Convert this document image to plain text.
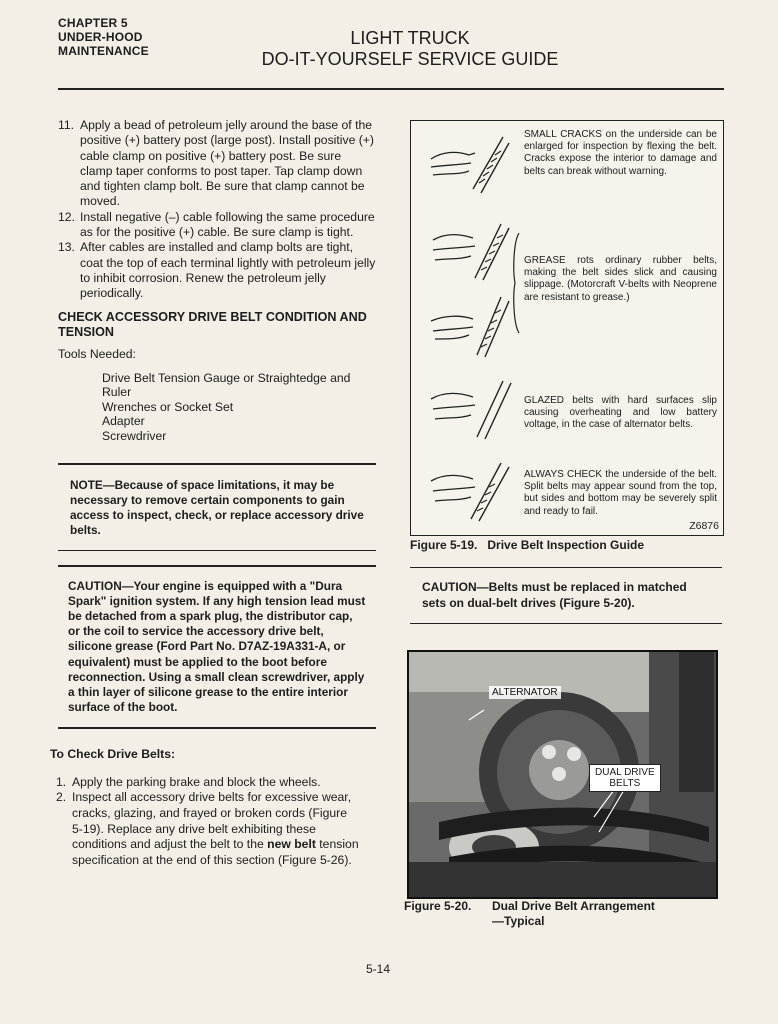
CHAPTER 5
UNDER-HOOD
MAINTENANCE
LIGHT TRUCK
DO-IT-YOURSELF SERVICE GUIDE
11. Apply a bead of petroleum jelly around the base of the positive (+) battery post (large post). Install positive (+) cable clamp on positive (+) battery post. Be sure clamp taper conforms to post taper. Tap clamp down and tighten clamp bolt. Be sure that clamp cannot be moved.
12. Install negative (–) cable following the same procedure as for the positive (+) cable. Be sure clamp is tight.
13. After cables are installed and clamp bolts are tight, coat the top of each terminal lightly with petroleum jelly to inhibit corrosion. Renew the petroleum jelly periodically.
CHECK ACCESSORY DRIVE BELT CONDITION AND TENSION
Tools Needed:
Drive Belt Tension Gauge or Straightedge and Ruler
Wrenches or Socket Set
Adapter
Screwdriver
NOTE—Because of space limitations, it may be necessary to remove certain components to gain access to inspect, check, or replace accessory drive belts.
CAUTION—Your engine is equipped with a "Dura Spark" ignition system. If any high tension lead must be detached from a spark plug, the distributor cap, or the coil to service the accessory drive belt, silicone grease (Ford Part No. D7AZ-19A331-A, or equivalent) must be applied to the boot before reconnection. Using a small clean screwdriver, apply a thin layer of silicone grease to the entire interior surface of the boot.
To Check Drive Belts:
1. Apply the parking brake and block the wheels.
2. Inspect all accessory drive belts for excessive wear, cracks, glazing, and frayed or broken cords (Figure 5-19). Replace any drive belt exhibiting these conditions and adjust the belt to the new belt tension specification at the end of this section (Figure 5-26).
SMALL CRACKS on the underside can be enlarged for inspection by flexing the belt. Cracks expose the interior to damage and belts can break without warning.
GREASE rots ordinary rubber belts, making the belt sides slick and causing slippage. (Motorcraft V-belts with Neoprene are resistant to grease.)
GLAZED belts with hard surfaces slip causing overheating and low battery voltage, in the case of alternator belts.
ALWAYS CHECK the underside of the belt. Split belts may appear sound from the top, but sides and bottom may be severely split and ready to fail.
Z6876
Figure 5-19.   Drive Belt Inspection Guide
CAUTION—Belts must be replaced in matched sets on dual-belt drives (Figure 5-20).
ALTERNATOR
DUAL DRIVE
BELTS
Figure 5-20. Dual Drive Belt Arrangement
—Typical
5-14
